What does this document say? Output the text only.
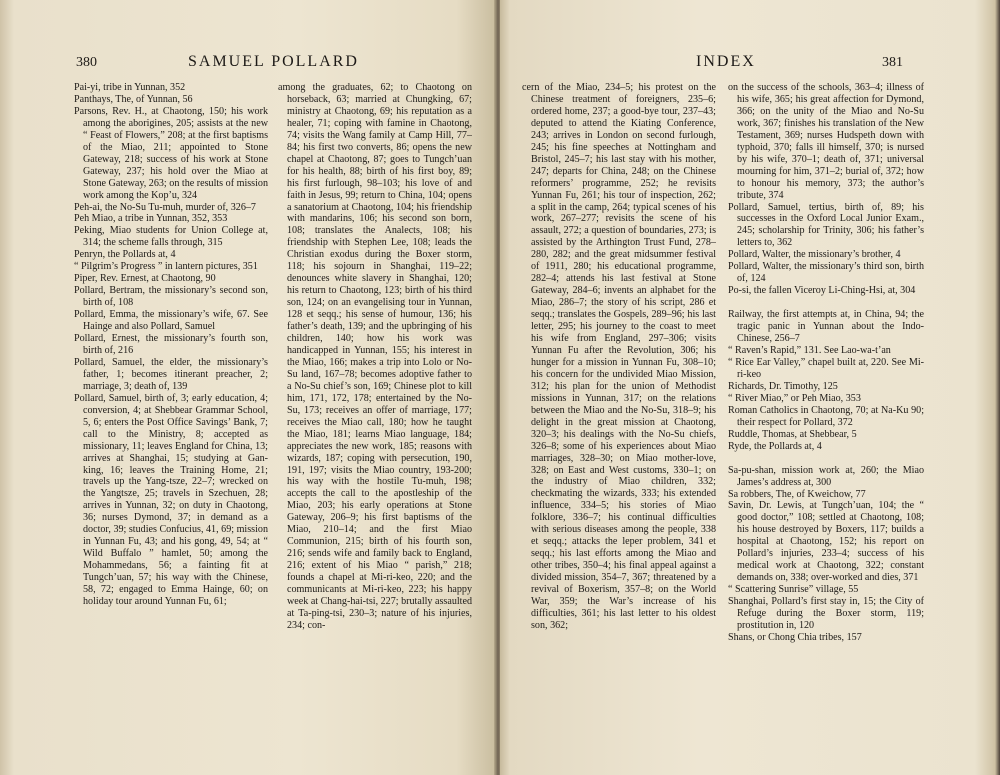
380	SAMUEL POLLARD
Pai-yi, tribe in Yunnan, 352
Panthays, The, of Yunnan, 56
Parsons, Rev. H., at Chaotong, 150; his work among the aborigines, 205; assists at the new “ Feast of Flowers,” 208; at the first baptisms of the Miao, 211; appointed to Stone Gateway, 218; success of his work at Stone Gateway, 237; his hold over the Miao at Stone Gateway, 263; on the results of mission work among the Kop’u, 324
Peh-ai, the No-Su Tu-muh, murder of, 326–7
Peh Miao, a tribe in Yunnan, 352, 353
Peking, Miao students for Union College at, 314; the scheme falls through, 315
Penryn, the Pollards at, 4
“ Pilgrim’s Progress ” in lantern pictures, 351
Piper, Rev. Ernest, at Chaotong, 90
Pollard, Bertram, the missionary’s second son, birth of, 108
Pollard, Emma, the missionary’s wife, 67. See Hainge and also Pollard, Samuel
Pollard, Ernest, the missionary’s fourth son, birth of, 216
Pollard, Samuel, the elder, the missionary’s father, 1; becomes itinerant preacher, 2; marriage, 3; death of, 139
Pollard, Samuel, birth of, 3; early education, 4; conversion, 4; at Shebbear Grammar School, 5, 6; enters the Post Office Savings’ Bank, 7; call to the Ministry, 8; accepted as missionary, 11; leaves England for China, 13; arrives at Shanghai, 15; studying at Gan-king, 16; leaves the Training Home, 21; travels up the Yang-tsze, 22–7; wrecked on the Yangtsze, 25; travels in Szechuen, 28; arrives in Yunnan, 32; on duty in Chaotong, 36; nurses Dymond, 37; in demand as a doctor, 39; studies Confucius, 41, 69; mission in Yunnan Fu, 43; and his gong, 49, 54; at “ Wild Buffalo ” hamlet, 50; among the Mohammedans, 56; a fainting fit at Tungch’uan, 57; his way with the Chinese, 58, 72; engaged to Emma Hainge, 60; on holiday tour around Yunnan Fu, 61;
among the graduates, 62; to Chaotong on horseback, 63; married at Chungking, 67; ministry at Chaotong, 69; his reputation as a healer, 71; coping with famine in Chaotong, 74; visits the Wang family at Camp Hill, 77–84; his first two converts, 86; opens the new chapel at Chaotong, 87; goes to Tungch’uan for his health, 88; birth of his first boy, 89; his first furlough, 98–103; his love of and faith in Jesus, 99; return to China, 104; opens a sanatorium at Chaotong, 104; his friendship with mandarins, 106; his second son born, 108; translates the Analects, 108; his friendship with Stephen Lee, 108; leads the Christian exodus during the Boxer storm, 118; his sojourn in Shanghai, 119–22; denounces white slavery in Shanghai, 120; his return to Chaotong, 123; birth of his third son, 124; on an evangelising tour in Yunnan, 128 et seqq.; his sense of humour, 136; his father’s death, 139; and the upbringing of his children, 140; how his work was handicapped in Yunnan, 155; his interest in the Miao, 166; makes a trip into Lolo or No-Su land, 167–78; becomes adoptive father to a No-Su chief’s son, 169; Chinese plot to kill him, 171, 172, 178; entertained by the No-Su, 173; receives an offer of marriage, 177; receives the Miao call, 180; how he taught the Miao, 181; learns Miao language, 184; appreciates the new work, 185; reasons with wizards, 187; coping with persecution, 190, 191, 197; visits the Miao country, 193-200; his way with the hostile Tu-muh, 198; accepts the call to the apostleship of the Miao, 203; his early operations at Stone Gateway, 206–9; his first baptisms of the Miao, 210–14; and the first Miao Communion, 215; birth of his fourth son, 216; sends wife and family back to England, 216; extent of his Miao “ parish,” 218; founds a chapel at Mi-ri-keo, 220; and the communicants at Mi-ri-keo, 223; his happy week at Chang-hai-tsi, 227; brutally assaulted at Ta-ping-tsi, 230–3; nature of his injuries, 234; con-
INDEX	381
cern of the Miao, 234–5; his protest on the Chinese treatment of foreigners, 235–6; ordered home, 237; a good-bye tour, 237–43; deputed to attend the Kiating Conference, 243; arrives in London on second furlough, 245; his fine speeches at Nottingham and Bristol, 245–7; his last stay with his mother, 247; departs for China, 248; on the Chinese reformers’ programme, 252; he revisits Yunnan Fu, 261; his tour of inspection, 262; a split in the camp, 264; typical scenes of his work, 267–277; revisits the scene of his assault, 272; a question of boundaries, 273; is assisted by the Arthington Trust Fund, 278–280, 282; and the great midsummer festival of 1911, 280; his educational programme, 282–4; attends his last festival at Stone Gateway, 284–6; invents an alphabet for the Miao, 286–7; the story of his script, 286 et seqq.; translates the Gospels, 289–96; his last letter, 295; his journey to the coast to meet his wife from England, 297–306; visits Yunnan Fu after the Revolution, 306; his hunger for a mission in Yunnan Fu, 308–10; his concern for the undivided Miao Mission, 312; his plan for the union of Methodist missions in Yunnan, 317; on the relations between the Miao and the No-Su, 318–9; his delight in the great mission at Chaotong, 320–3; his dealings with the No-Su chiefs, 326–8; some of his experiences about Miao marriages, 328–30; on Miao mother-love, 328; on East and West customs, 330–1; on the industry of Miao children, 332; checkmating the wizards, 333; his extended influence, 334–5; his stories of Miao folklore, 336–7; his continual difficulties with serious diseases among the people, 338 et seqq.; attacks the leper problem, 341 et seqq.; his last efforts among the Miao and other tribes, 350–4; his final appeal against a divided mission, 354–7, 367; threatened by a revival of Boxerism, 357–8; on the World War, 359; the War’s increase of his difficulties, 361; his last letter to his oldest son, 362;
on the success of the schools, 363–4; illness of his wife, 365; his great affection for Dymond, 366; on the unity of the Miao and No-Su work, 367; finishes his translation of the New Testament, 369; nurses Hudspeth down with typhoid, 370; falls ill himself, 370; is nursed by his wife, 370–1; death of, 371; universal mourning for him, 371–2; burial of, 372; how to honour his memory, 373; the author’s tribute, 374
Pollard, Samuel, tertius, birth of, 89; his successes in the Oxford Local Junior Exam., 245; scholarship for Trinity, 306; his father’s letters to, 362
Pollard, Walter, the missionary’s brother, 4
Pollard, Walter, the missionary’s third son, birth of, 124
Po-si, the fallen Viceroy Li-Ching-Hsi, at, 304
Railway, the first attempts at, in China, 94; the tragic panic in Yunnan about the Indo-Chinese, 256–7
“ Raven’s Rapid,” 131. See Lao-wa-t’an
“ Rice Ear Valley,” chapel built at, 220. See Mi-ri-keo
Richards, Dr. Timothy, 125
“ River Miao,” or Peh Miao, 353
Roman Catholics in Chaotong, 70; at Na-Ku 90; their respect for Pollard, 372
Ruddle, Thomas, at Shebbear, 5
Ryde, the Pollards at, 4
Sa-pu-shan, mission work at, 260; the Miao James’s address at, 300
Sa robbers, The, of Kweichow, 77
Savin, Dr. Lewis, at Tungch’uan, 104; the “ good doctor,” 108; settled at Chaotong, 108; his house destroyed by Boxers, 117; builds a hospital at Chaotong, 152; his report on Pollard’s injuries, 233–4; success of his medical work at Chaotong, 322; constant demands on, 338; over-worked and dies, 371
“ Scattering Sunrise” village, 55
Shanghai, Pollard’s first stay in, 15; the City of Refuge during the Boxer storm, 119; prostitution in, 120
Shans, or Chong Chia tribes, 157
